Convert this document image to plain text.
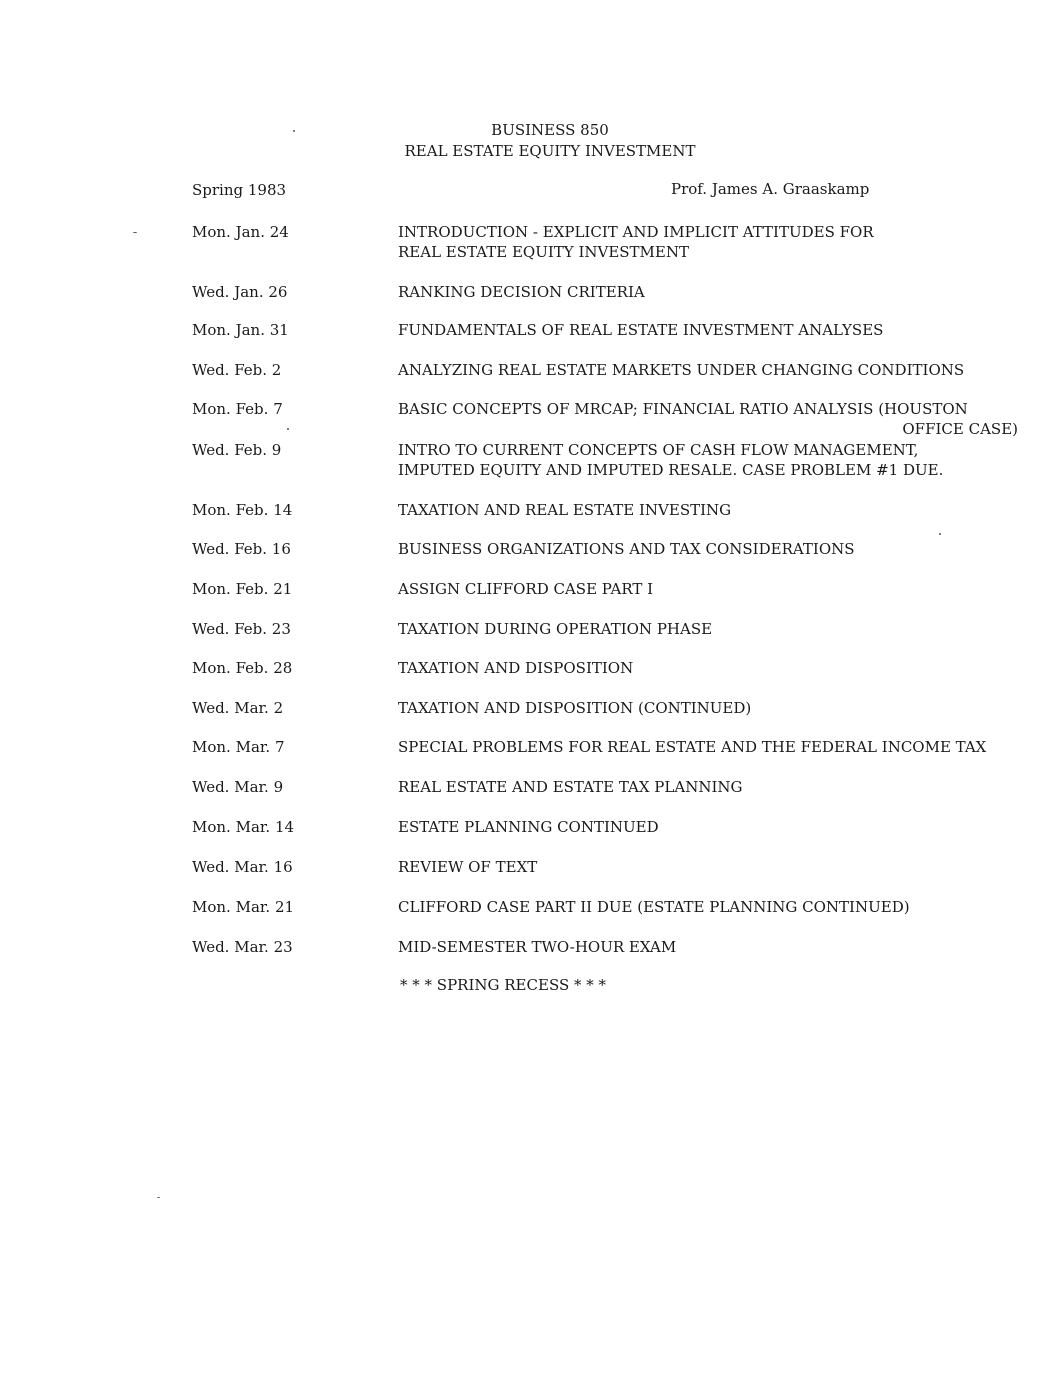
BUSINESS 850
REAL ESTATE EQUITY INVESTMENT
Spring 1983	Prof. James A. Graaskamp
Mon. Jan. 24	INTRODUCTION - EXPLICIT AND IMPLICIT ATTITUDES FOR
REAL ESTATE EQUITY INVESTMENT
Wed. Jan. 26	RANKING DECISION CRITERIA
Mon. Jan. 31	FUNDAMENTALS OF REAL ESTATE INVESTMENT ANALYSES
Wed. Feb. 2	ANALYZING REAL ESTATE MARKETS UNDER CHANGING CONDITIONS
Mon. Feb. 7	BASIC CONCEPTS OF MRCAP; FINANCIAL RATIO ANALYSIS (HOUSTON
OFFICE CASE)
Wed. Feb. 9	INTRO TO CURRENT CONCEPTS OF CASH FLOW MANAGEMENT,
IMPUTED EQUITY AND IMPUTED RESALE. CASE PROBLEM #1 DUE.
Mon. Feb. 14	TAXATION AND REAL ESTATE INVESTING
Wed. Feb. 16	BUSINESS ORGANIZATIONS AND TAX CONSIDERATIONS
Mon. Feb. 21	ASSIGN CLIFFORD CASE PART I
Wed. Feb. 23	TAXATION DURING OPERATION PHASE
Mon. Feb. 28	TAXATION AND DISPOSITION
Wed. Mar. 2	TAXATION AND DISPOSITION (CONTINUED)
Mon. Mar. 7	SPECIAL PROBLEMS FOR REAL ESTATE AND THE FEDERAL INCOME TAX
Wed. Mar. 9	REAL ESTATE AND ESTATE TAX PLANNING
Mon. Mar. 14	ESTATE PLANNING CONTINUED
Wed. Mar. 16	REVIEW OF TEXT
Mon. Mar. 21	CLIFFORD CASE PART II DUE (ESTATE PLANNING CONTINUED)
Wed. Mar. 23	MID-SEMESTER TWO-HOUR EXAM
* * * SPRING RECESS * * *
